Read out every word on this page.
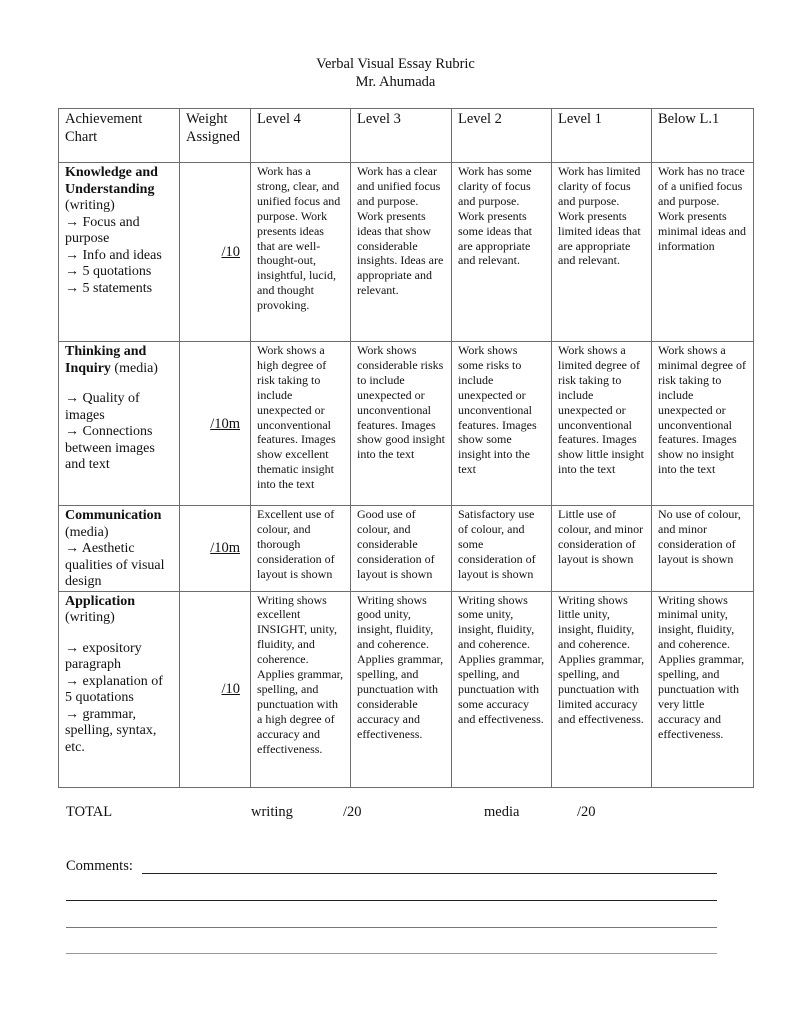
Verbal Visual Essay Rubric
Mr. Ahumada
Achievement Chart	Weight Assigned	Level 4	Level 3	Level 2	Level 1	Below L.1
Knowledge and Understanding
(writing)
→ Focus and purpose
→ Info and ideas
→ 5 quotations
→ 5 statements
	/10	Work has a strong, clear, and unified focus and purpose. Work presents ideas that are well-thought-out, insightful, lucid, and thought provoking.	Work has a clear and unified focus and purpose. Work presents ideas that show considerable insights. Ideas are appropriate and relevant.	Work has some clarity of focus and purpose. Work presents some ideas that are appropriate and relevant.	Work has limited clarity of focus and purpose. Work presents limited ideas that are appropriate and relevant.	Work has no trace of a unified focus and purpose. Work presents minimal ideas and information
Thinking and Inquiry (media)
→ Quality of images
→ Connections between images and text	/10m	Work shows a high degree of risk taking to include unexpected or unconventional features. Images show excellent thematic insight into the text	Work shows considerable risks to include unexpected or unconventional features. Images show good insight into the text	Work shows some risks to include unexpected or unconventional features. Images show some insight into the text	Work shows a limited degree of risk taking to include unexpected or unconventional features. Images show little insight into the text	Work shows a minimal degree of risk taking to include unexpected or unconventional features. Images show no insight into the text
Communication
(media)
→ Aesthetic qualities of visual design	/10m	Excellent use of colour, and thorough consideration of layout is shown	Good use of colour, and considerable consideration of layout is shown	Satisfactory use of colour, and some consideration of layout is shown	Little use of colour, and minor consideration of layout is shown	No use of colour, and minor consideration of layout is shown
Application
(writing)
→ expository paragraph
→ explanation of 5 quotations
→ grammar, spelling, syntax, etc.	/10	Writing shows excellent INSIGHT, unity, fluidity, and coherence. Applies grammar, spelling, and punctuation with a high degree of accuracy and effectiveness.	Writing shows good unity, insight, fluidity, and coherence. Applies grammar, spelling, and punctuation with considerable accuracy and effectiveness.	Writing shows some unity, insight, fluidity, and coherence. Applies grammar, spelling, and punctuation with some accuracy and effectiveness.	Writing shows little unity, insight, fluidity, and coherence. Applies grammar, spelling, and punctuation with limited accuracy and effectiveness.	Writing shows minimal unity, insight, fluidity, and coherence. Applies grammar, spelling, and punctuation with very little accuracy and effectiveness.
TOTAL	writing	/20	media	/20
Comments:
